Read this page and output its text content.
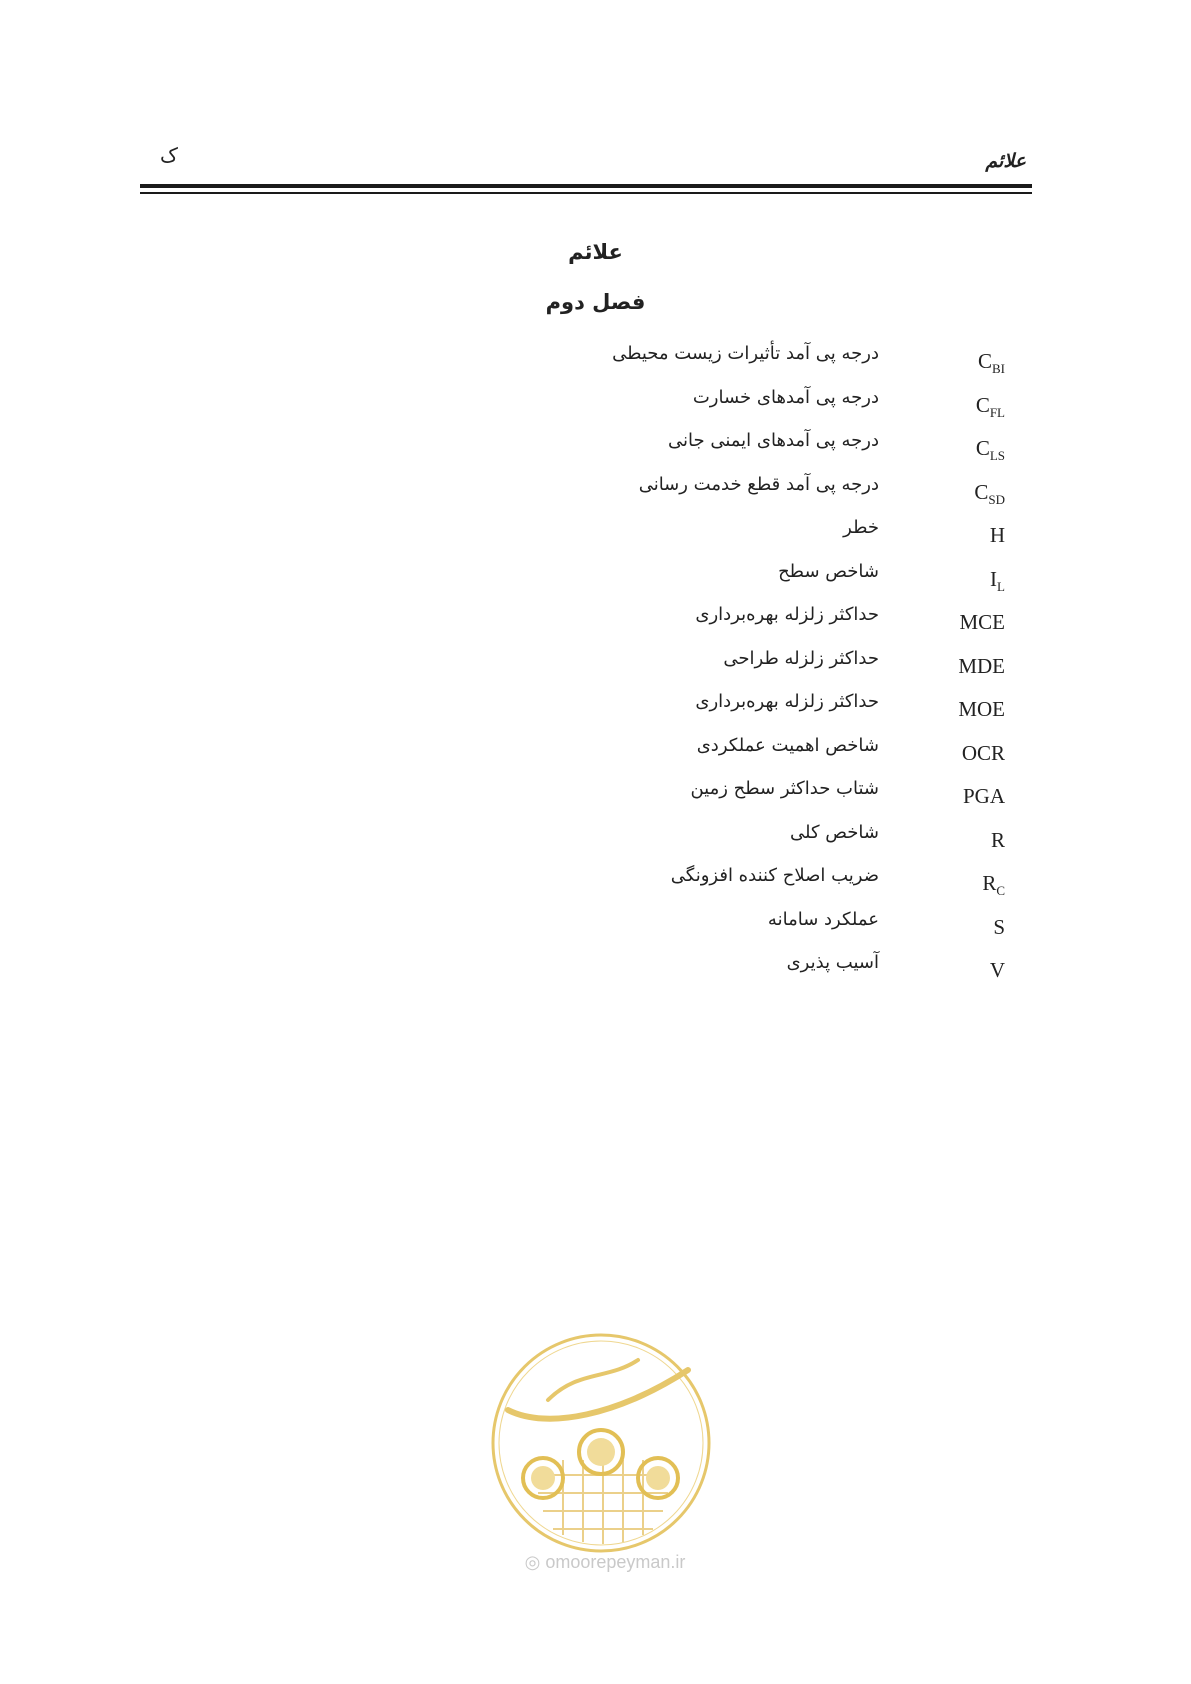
ک	علائم
علائم
فصل دوم
درجه پی آمد تأثیرات زیست محیطی	$C_{BI}$
درجه پی آمدهای خسارت	$C_{FL}$
درجه پی آمدهای ایمنی جانی	$C_{LS}$
درجه پی آمد قطع خدمت رسانی	$C_{SD}$
خطر	H
شاخص سطح	$I_L$
حداکثر زلزله بهره‌برداری	MCE
حداکثر زلزله طراحی	MDE
حداکثر زلزله بهره‌برداری	MOE
شاخص اهمیت عملکردی	OCR
شتاب حداکثر سطح زمین	PGA
شاخص کلی	R
ضریب اصلاح کننده افزونگی	$R_C$
عملکرد سامانه	S
آسیب پذیری	V
◎ omoorepeyman.ir
